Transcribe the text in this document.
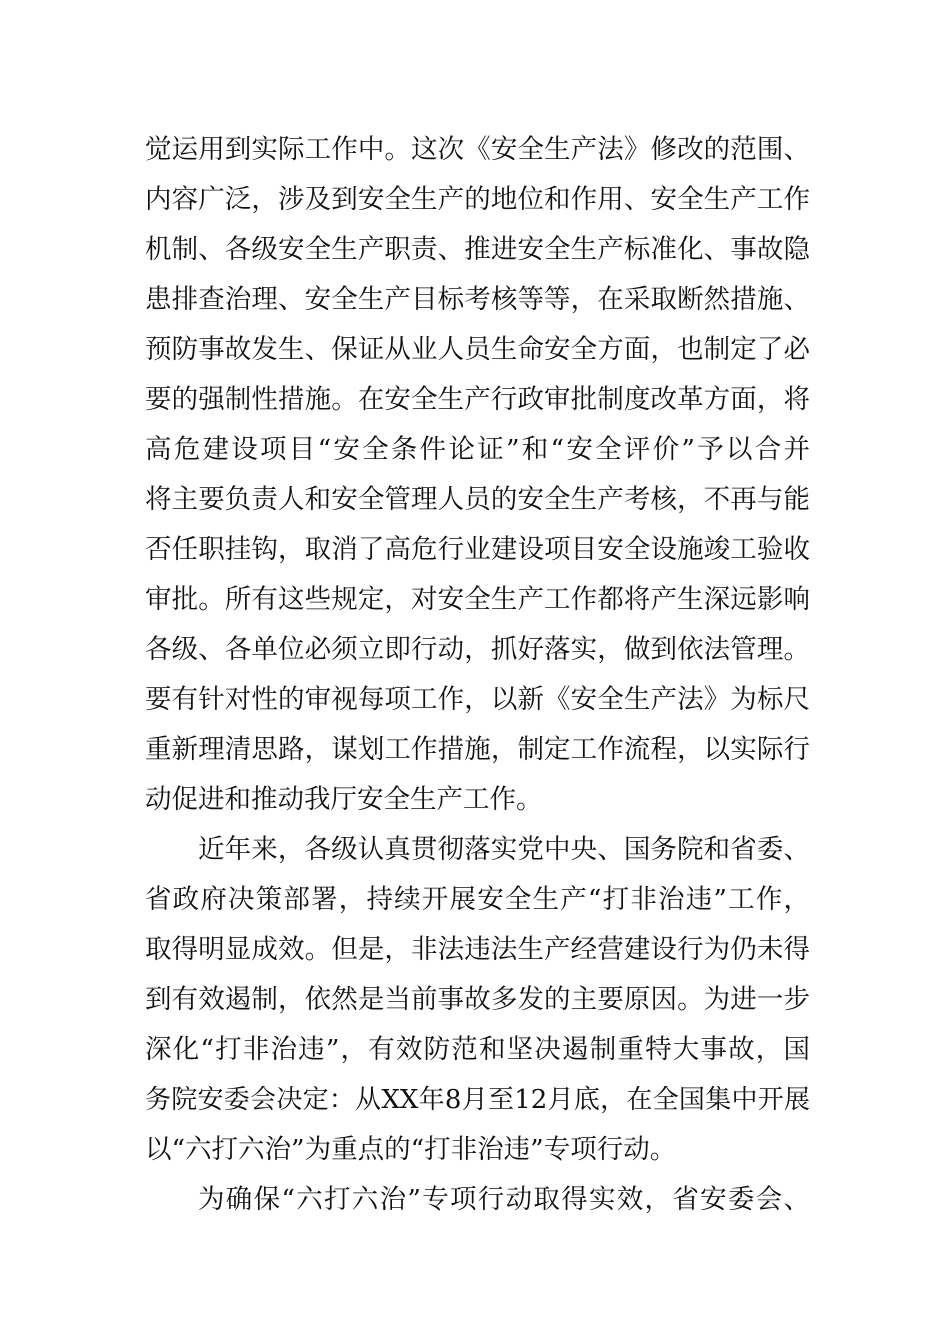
觉运用到实际工作中。这次《安全生产法》修改的范围、
内容广泛，涉及到安全生产的地位和作用、安全生产工作
机制、各级安全生产职责、推进安全生产标准化、事故隐
患排查治理、安全生产目标考核等等，在采取断然措施、
预防事故发生、保证从业人员生命安全方面，也制定了必
要的强制性措施。在安全生产行政审批制度改革方面，将
高危建设项目“安全条件论证”和“安全评价”予以合并
将主要负责人和安全管理人员的安全生产考核，不再与能
否任职挂钩，取消了高危行业建设项目安全设施竣工验收
审批。所有这些规定，对安全生产工作都将产生深远影响
各级、各单位必须立即行动，抓好落实，做到依法管理。
要有针对性的审视每项工作，以新《安全生产法》为标尺
重新理清思路，谋划工作措施，制定工作流程，以实际行
动促进和推动我厅安全生产工作。
近年来，各级认真贯彻落实党中央、国务院和省委、
省政府决策部署，持续开展安全生产“打非治违”工作，
取得明显成效。但是，非法违法生产经营建设行为仍未得
到有效遏制，依然是当前事故多发的主要原因。为进一步
深化“打非治违”，有效防范和坚决遏制重特大事故，国
务院安委会决定：从XX年8月至12月底，在全国集中开展
以“六打六治”为重点的“打非治违”专项行动。
为确保“六打六治”专项行动取得实效，省安委会、
